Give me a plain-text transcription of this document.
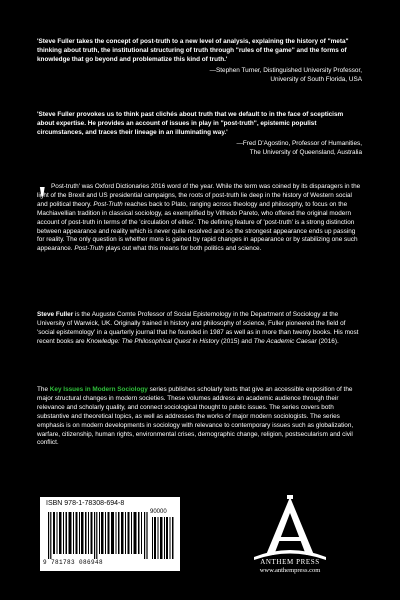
'Steve Fuller takes the concept of post-truth to a new level of analysis, explaining the history of "meta" thinking about truth, the institutional structuring of truth through "rules of the game" and the forms of knowledge that go beyond and problematize this kind of truth.'

—Stephen Turner, Distinguished University Professor,
University of South Florida, USA

'Steve Fuller provokes us to think past clichés about truth that we default to in the face of scepticism about expertise. He provides an account of issues in play in "post-truth", epistemic populist circumstances, and traces their lineage in an illuminating way.'

—Fred D'Agostino, Professor of Humanities,
The University of Queensland, Australia
' Post-truth' was Oxford Dictionaries 2016 word of the year. While the term was coined by its disparagers in the light of the Brexit and US presidential campaigns, the roots of post-truth lie deep in the history of Western social and political theory. Post-Truth reaches back to Plato, ranging across theology and philosophy, to focus on the Machiavellian tradition in classical sociology, as exemplified by Vilfredo Pareto, who offered the original modern account of post-truth in terms of the 'circulation of elites'. The defining feature of 'post-truth' is a strong distinction between appearance and reality which is never quite resolved and so the strongest appearance ends up passing for reality. The only question is whether more is gained by rapid changes in appearance or by stabilizing one such appearance. Post-Truth plays out what this means for both politics and science.

Steve Fuller is the Auguste Comte Professor of Social Epistemology in the Department of Sociology at the University of Warwick, UK. Originally trained in history and philosophy of science, Fuller pioneered the field of 'social epistemology' in a quarterly journal that he founded in 1987 as well as in more than twenty books. His most recent books are Knowledge: The Philosophical Quest in History (2015) and The Academic Caesar (2016).

The Key Issues in Modern Sociology series publishes scholarly texts that give an accessible exposition of the major structural changes in modern societies. These volumes address an academic audience through their relevance and scholarly quality, and connect sociological thought to public issues. The series covers both substantive and theoretical topics, as well as addresses the works of major modern sociologists. The series emphasis is on modern developments in sociology with relevance to contemporary issues such as globalization, warfare, citizenship, human rights, environmental crises, demographic change, religion, postsecularism and civil conflict.

ISBN 978-1-78308-694-8
90000
9 781783 086948	ANTHEM PRESS
www.anthempress.com
